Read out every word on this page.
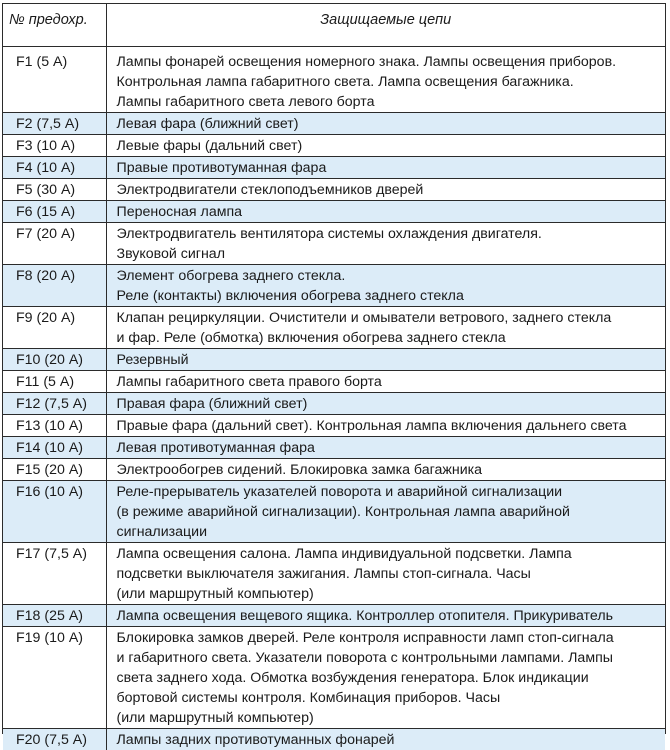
№ предохр.	Защищаемые цепи
F1 (5 А)	Лампы фонарей освещения номерного знака. Лампы освещения приборов.
Контрольная лампа габаритного света. Лампа освещения багажника.
Лампы габаритного света левого борта

F2 (7,5 А)	Левая фара (ближний свет)

F3 (10 А)	Левые фары (дальний свет)

F4 (10 А)	Правые противотуманная фара

F5 (30 А)	Электродвигатели стеклоподъемников дверей

F6 (15 А)	Переносная лампа

F7 (20 А)	Электродвигатель вентилятора системы охлаждения двигателя.
Звуковой сигнал

F8 (20 А)	Элемент обогрева заднего стекла.
Реле (контакты) включения обогрева заднего стекла

F9 (20 А)	Клапан рециркуляции. Очистители и омыватели ветрового, заднего стекла
и фар. Реле (обмотка) включения обогрева заднего стекла

F10 (20 А)	Резервный

F11 (5 А)	Лампы габаритного света правого борта

F12 (7,5 А)	Правая фара (ближний свет)

F13 (10 А)	Правые фара (дальний свет). Контрольная лампа включения дальнего света

F14 (10 А)	Левая противотуманная фара

F15 (20 А)	Электрообогрев сидений. Блокировка замка багажника

F16 (10 А)	Реле-прерыватель указателей поворота и аварийной сигнализации
(в режиме аварийной сигнализации). Контрольная лампа аварийной
сигнализации

F17 (7,5 А)	Лампа освещения салона. Лампа индивидуальной подсветки. Лампа
подсветки выключателя зажигания. Лампы стоп-сигнала. Часы
(или маршрутный компьютер)

F18 (25 А)	Лампа освещения вещевого ящика. Контроллер отопителя. Прикуриватель

F19 (10 А)	Блокировка замков дверей. Реле контроля исправности ламп стоп-сигнала
и габаритного света. Указатели поворота с контрольными лампами. Лампы
света заднего хода. Обмотка возбуждения генератора. Блок индикации
бортовой системы контроля. Комбинация приборов. Часы
(или маршрутный компьютер)

F20 (7,5 А)	Лампы задних противотуманных фонарей
